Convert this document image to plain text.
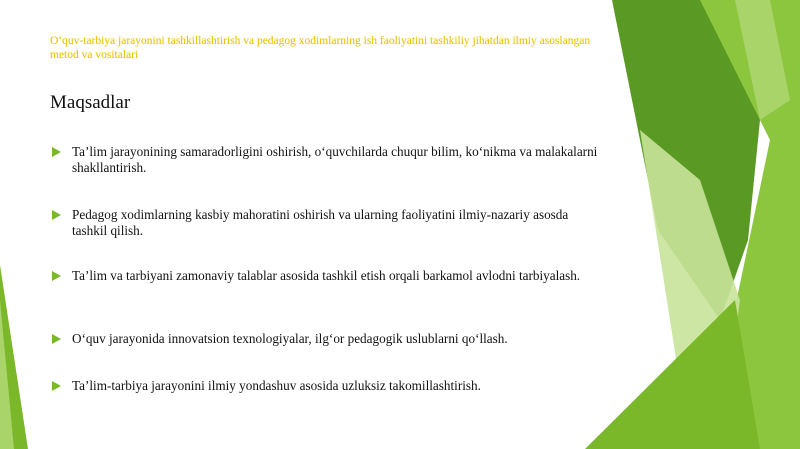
O‘quv-tarbiya jarayonini tashkillashtirish va pedagog xodimlarning ish faoliyatini tashkiliy jihatdan ilmiy asoslangan metod va vositalari
Maqsadlar
Ta’lim jarayonining samaradorligini oshirish, o‘quvchilarda chuqur bilim, ko‘nikma va malakalarni shakllantirish.
Pedagog xodimlarning kasbiy mahoratini oshirish va ularning faoliyatini ilmiy-nazariy asosda tashkil qilish.
Ta’lim va tarbiyani zamonaviy talablar asosida tashkil etish orqali barkamol avlodni tarbiyalash.
O‘quv jarayonida innovatsion texnologiyalar, ilg‘or pedagogik uslublarni qo‘llash.
Ta’lim-tarbiya jarayonini ilmiy yondashuv asosida uzluksiz takomillashtirish.
